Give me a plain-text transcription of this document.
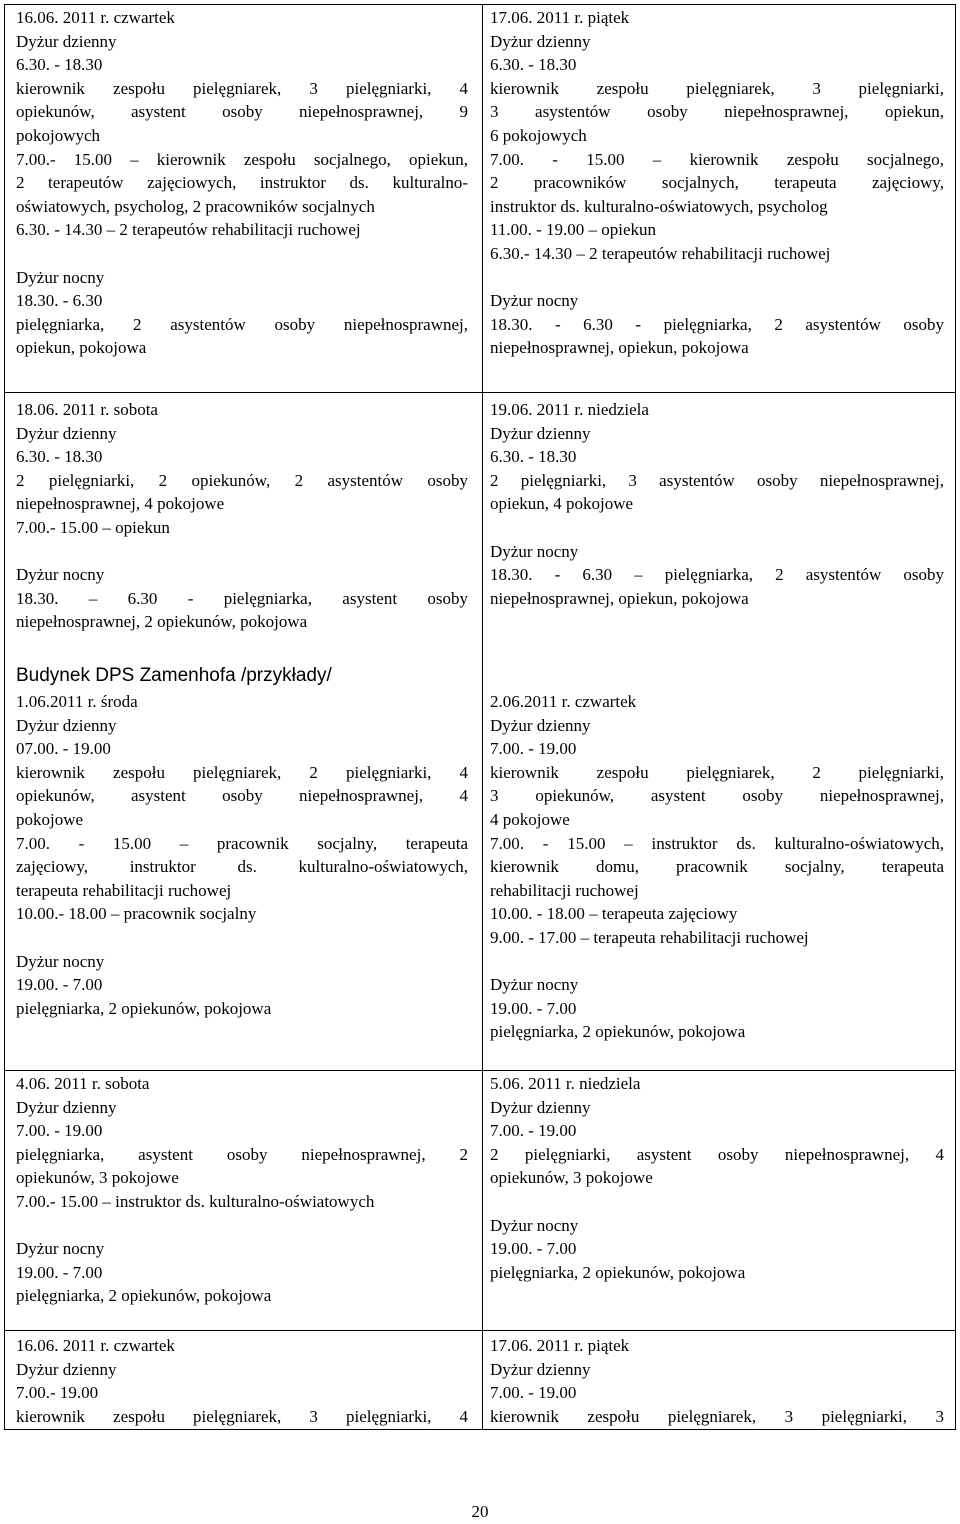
16.06. 2011 r. czwartek
Dyżur dzienny
6.30. - 18.30
kierownik zespołu pielęgniarek, 3 pielęgniarki, 4
opiekunów, asystent osoby niepełnosprawnej, 9
pokojowych
7.00.- 15.00 – kierownik zespołu socjalnego, opiekun,
2 terapeutów zajęciowych, instruktor ds. kulturalno-
oświatowych, psycholog, 2 pracowników socjalnych
6.30. - 14.30 – 2 terapeutów rehabilitacji ruchowej
Dyżur nocny
18.30. - 6.30
pielęgniarka, 2 asystentów osoby niepełnosprawnej,
opiekun, pokojowa
17.06. 2011 r. piątek
Dyżur dzienny
6.30. - 18.30
kierownik zespołu pielęgniarek, 3 pielęgniarki,
3 asystentów osoby niepełnosprawnej, opiekun,
6 pokojowych
7.00. - 15.00 – kierownik zespołu socjalnego,
2 pracowników socjalnych, terapeuta zajęciowy,
instruktor ds. kulturalno-oświatowych, psycholog
11.00. - 19.00 – opiekun
6.30.- 14.30 – 2 terapeutów rehabilitacji ruchowej
Dyżur nocny
18.30. - 6.30 - pielęgniarka, 2 asystentów osoby
niepełnosprawnej, opiekun, pokojowa
18.06. 2011 r. sobota
Dyżur dzienny
6.30. - 18.30
2 pielęgniarki, 2 opiekunów, 2 asystentów osoby
niepełnosprawnej, 4 pokojowe
7.00.- 15.00 – opiekun
Dyżur nocny
18.30. – 6.30 - pielęgniarka, asystent osoby
niepełnosprawnej, 2 opiekunów, pokojowa
19.06. 2011 r. niedziela
Dyżur dzienny
6.30. - 18.30
2 pielęgniarki, 3 asystentów osoby niepełnosprawnej,
opiekun, 4 pokojowe
Dyżur nocny
18.30. - 6.30 – pielęgniarka, 2 asystentów osoby
niepełnosprawnej, opiekun, pokojowa
Budynek DPS Zamenhofa /przykłady/
1.06.2011 r. środa
Dyżur dzienny
07.00. - 19.00
kierownik zespołu pielęgniarek, 2 pielęgniarki, 4
opiekunów, asystent osoby niepełnosprawnej, 4
pokojowe
7.00. - 15.00 – pracownik socjalny, terapeuta
zajęciowy, instruktor ds. kulturalno-oświatowych,
terapeuta rehabilitacji ruchowej
10.00.- 18.00 – pracownik socjalny
Dyżur nocny
19.00. - 7.00
pielęgniarka, 2 opiekunów, pokojowa
2.06.2011 r. czwartek
Dyżur dzienny
7.00. - 19.00
kierownik zespołu pielęgniarek, 2 pielęgniarki,
3 opiekunów, asystent osoby niepełnosprawnej,
4 pokojowe
7.00. - 15.00 – instruktor ds. kulturalno-oświatowych,
kierownik domu, pracownik socjalny, terapeuta
rehabilitacji ruchowej
10.00. - 18.00 – terapeuta zajęciowy
9.00. - 17.00 – terapeuta rehabilitacji ruchowej
Dyżur nocny
19.00. - 7.00
pielęgniarka, 2 opiekunów, pokojowa
4.06. 2011 r. sobota
Dyżur dzienny
7.00. - 19.00
pielęgniarka, asystent osoby niepełnosprawnej, 2
opiekunów, 3 pokojowe
7.00.- 15.00 – instruktor ds. kulturalno-oświatowych
Dyżur nocny
19.00. - 7.00
pielęgniarka, 2 opiekunów, pokojowa
5.06. 2011 r. niedziela
Dyżur dzienny
7.00. - 19.00
2 pielęgniarki, asystent osoby niepełnosprawnej, 4
opiekunów, 3 pokojowe
Dyżur nocny
19.00. - 7.00
pielęgniarka, 2 opiekunów, pokojowa
16.06. 2011 r. czwartek
Dyżur dzienny
7.00.- 19.00
kierownik zespołu pielęgniarek, 3 pielęgniarki, 4
17.06. 2011 r. piątek
Dyżur dzienny
7.00. - 19.00
kierownik zespołu pielęgniarek, 3 pielęgniarki, 3
20
